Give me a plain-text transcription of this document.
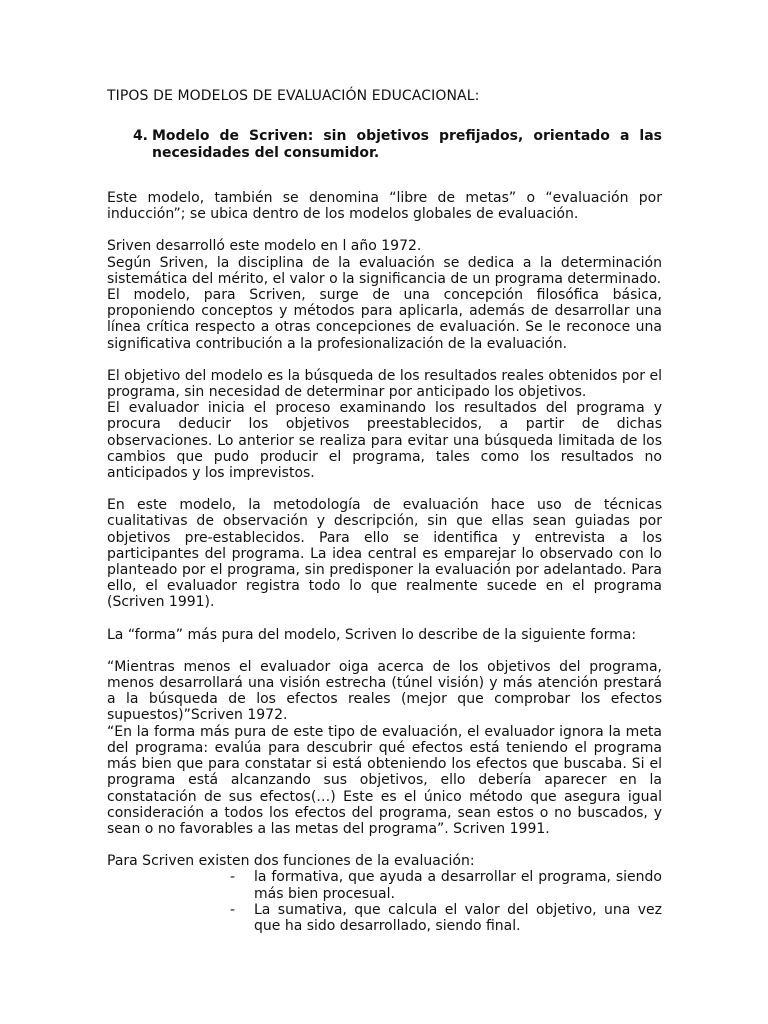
TIPOS DE MODELOS DE EVALUACIÓN EDUCACIONAL:
4. Modelo de Scriven: sin objetivos prefijados, orientado a las necesidades del consumidor.

Este modelo, también se denomina “libre de metas” o “evaluación por inducción”; se ubica dentro de los modelos globales de evaluación.

Sriven desarrolló este modelo en l año 1972.

Según Sriven, la disciplina de la evaluación se dedica a la determinación sistemática del mérito, el valor o la significancia de un programa determinado.

El modelo, para Scriven, surge de una concepción filosófica básica, proponiendo conceptos y métodos para aplicarla, además de desarrollar una línea crítica respecto a otras concepciones de evaluación. Se le reconoce una significativa contribución a la profesionalización de la evaluación.

El objetivo del modelo es la búsqueda de los resultados reales obtenidos por el programa, sin necesidad de determinar por anticipado los objetivos.

El evaluador inicia el proceso examinando los resultados del programa y procura deducir los objetivos preestablecidos, a partir de dichas observaciones. Lo anterior se realiza para evitar una búsqueda limitada de los cambios que pudo producir el programa, tales como los resultados no anticipados y los imprevistos.

En este modelo, la metodología de evaluación hace uso de técnicas cualitativas de observación y descripción, sin que ellas sean guiadas por objetivos pre-establecidos. Para ello se identifica y entrevista a los participantes del programa. La idea central es emparejar lo observado con lo planteado por el programa, sin predisponer la evaluación por adelantado. Para ello, el evaluador registra todo lo que realmente sucede en el programa (Scriven 1991).

La “forma” más pura del modelo, Scriven lo describe de la siguiente forma:

“Mientras menos el evaluador oiga acerca de los objetivos del programa, menos desarrollará una visión estrecha (túnel visión) y más atención prestará a la búsqueda de los efectos reales (mejor que comprobar los efectos supuestos)”Scriven 1972.

“En la forma más pura de este tipo de evaluación, el evaluador ignora la meta del programa: evalúa para descubrir qué efectos está teniendo el programa más bien que para constatar si está obteniendo los efectos que buscaba. Si el programa está alcanzando sus objetivos, ello debería aparecer en la constatación de sus efectos(…) Este es el único método que asegura igual consideración a todos los efectos del programa, sean estos o no buscados, y sean o no favorables a las metas del programa”. Scriven 1991.

Para Scriven existen dos funciones de la evaluación:

-	la formativa, que ayuda a desarrollar el programa, siendo más bien procesual.
-	La sumativa, que calcula el valor del objetivo, una vez que ha sido desarrollado, siendo final.
